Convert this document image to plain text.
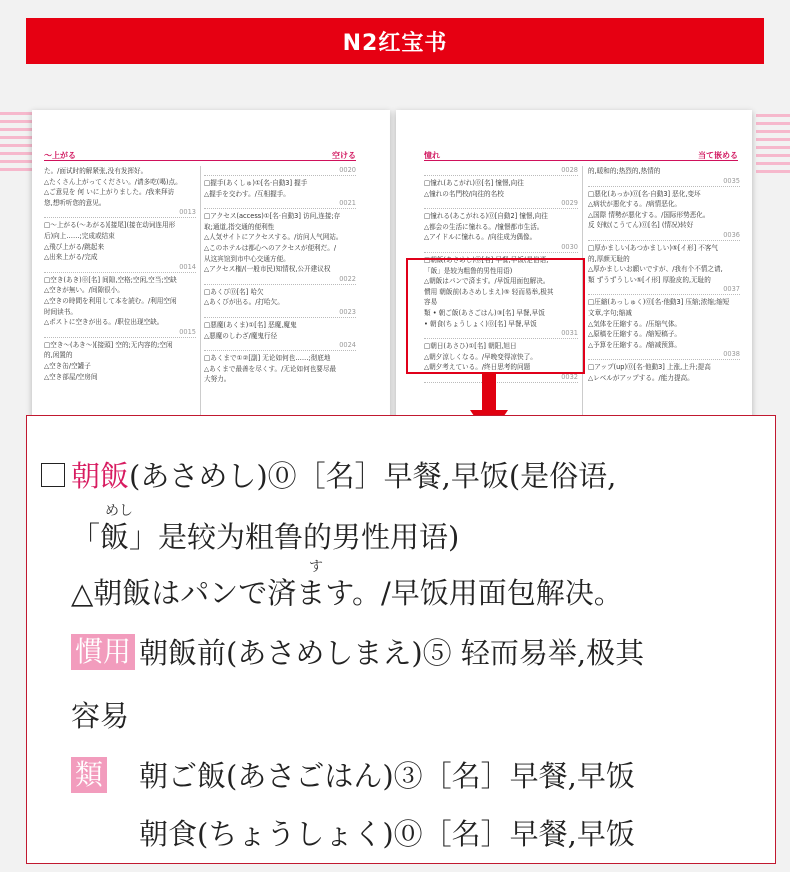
N2红宝书
〜上がる	空ける
た。/面试时的解紧张,没有发挥好。
△たくさん上がってください。/请多吃(喝)点。
△ご意見を 何 いに上がりました。/我来拜访
您,想听听您的意见。
0013
□〜上がる(〜あがる)[接尾](接在动词连用形
后)向上……;完成或结束
△飛び上がる/跳起来
△出来上がる/完成
0014
□空き(あき)⓪[名] 间隙,空格;空闲,空当;空缺
△空きが無い。/间隙很小。
△空きの時間を利用して本を読む。/利用空闲
时间读书。
△ポストに空きが出る。/职位出现空缺。
0015
□空き〜(あき〜)[接頭] 空的;无内容的;空闲
的,闲置的
△空き缶/空罐子
△空き部屋/空房间
0020
□握手(あくしゅ)①[名·自動3] 握手
△握手を交わす。/互相握手。
0021
□アクセス(access)①[名·自動3] 访问,连接;存
取;通道,指交通的便利性
△人気サイトにアクセスする。/访问人气网站。
△このホテルは都心へのアクセスが便利だ。/
从这宾馆到市中心交通方便。
△アクセス権/(一般市民)知情权,公开建议权
0022
□あくび⓪[名] 哈欠
△あくびが出る。/打哈欠。
0023
□悪魔(あくま)①[名] 恶魔,魔鬼
△悪魔のしわざ/魔鬼行径
0024
□あくまで①②[副] 无论如何也……;彻底地
△あくまで最善を尽くす。/无论如何也要尽最
大努力。
憧れ	当て嵌める
0028
□憧れ(あこがれ)⓪[名] 憧憬,向往
△憧れの名門校/向往的名校
0029
□憧れる(あこがれる)⓪[自動2] 憧憬,向往
△都会の生活に憧れる。/憧憬都市生活。
△アイドルに憧れる。/向往成为偶像。
0030
□朝飯(あさめし)⓪[名] 早餐,早饭(是俗语,
「飯」是较为粗鲁的男性用语)
△朝飯はパンで済ます。/早饭用面包解决。
慣用 朝飯前(あさめしまえ)⑤ 轻而易举,极其
容易
類 • 朝ご飯(あさごはん)③[名] 早餐,早饭
• 朝食(ちょうしょく)⓪[名] 早餐,早饭
0031
□朝日(あさひ)①[名] 朝阳,旭日
△朝夕涼しくなる。/早晚变得凉快了。
△朝夕考えている。/终日思考的问题
0032
的,暖和的;热烈的,热情的
0035
□悪化(あっか)⓪[名·自動3] 恶化,变坏
△病状が悪化する。/病情恶化。
△国際 情勢が悪化する。/国际形势恶化。
反 好転(こうてん)⓪[名] (情况)转好
0036
□厚かましい(あつかましい)⑤[イ形] 不客气
的,厚颜无耻的
△厚かましいお願いですが、/我有个不情之请,
類 ずうずうしい⑤[イ形] 厚脸皮的,无耻的
0037
□圧縮(あっしゅく)⓪[名·他動3] 压缩;浓缩;缩短
文章,字句;缩减
△気体を圧縮する。/压缩气体。
△原稿を圧縮する。/缩短稿子。
△予算を圧縮する。/缩减预算。
0038
□アップ(up)⓪[名·他動3] 上涨,上升;提高
△レベルがアップする。/能力提高。
朝飯(あさめし)⓪［名］早餐,早饭(是俗语,
めし
「飯」是较为粗鲁的男性用语)
す
△朝飯はパンで済ます。/早饭用面包解决。
慣用 朝飯前(あさめしまえ)⑤ 轻而易举,极其
容易
類 朝ご飯(あさごはん)③［名］早餐,早饭
朝食(ちょうしょく)⓪［名］早餐,早饭
